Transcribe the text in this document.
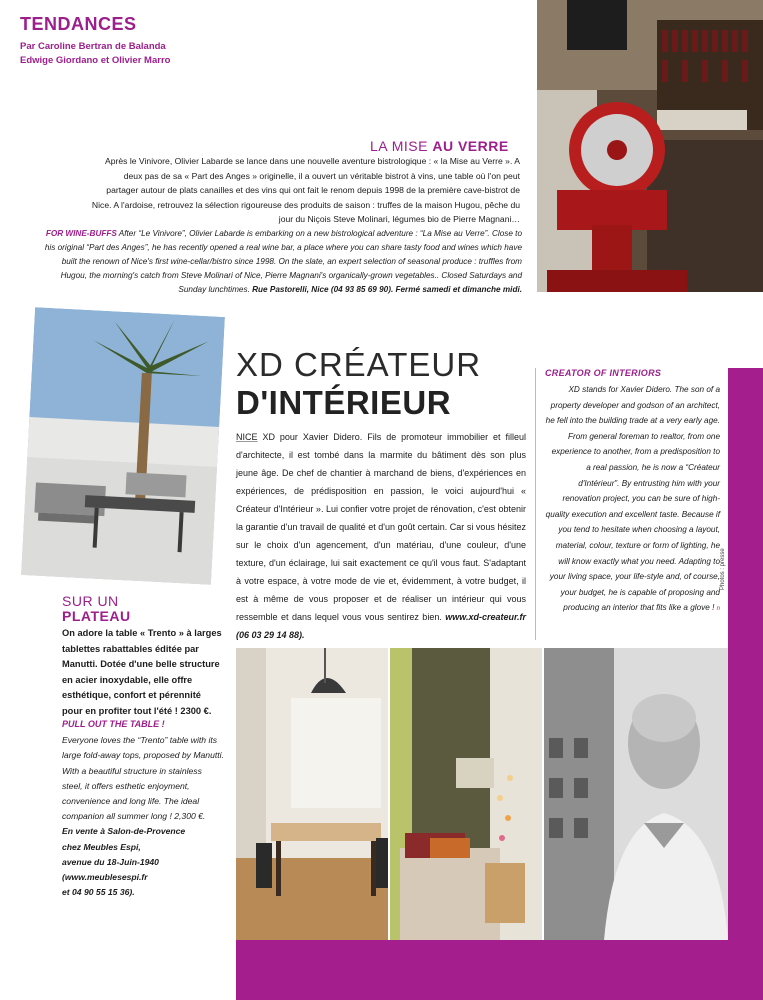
TENDANCES
Par Caroline Bertran de Balanda
Edwige Giordano et Olivier Marro
LA MISE AU VERRE
Après le Vinivore, Olivier Labarde se lance dans une nouvelle aventure bistrologique : « la Mise au Verre ». A deux pas de sa « Part des Anges » originelle, il a ouvert un véritable bistrot à vins, une table où l'on peut partager autour de plats canailles et des vins qui ont fait le renom depuis 1998 de la première cave-bistrot de Nice. A l'ardoise, retrouvez la sélection rigoureuse des produits de saison : truffes de la maison Hugou, pêche du jour du Niçois Steve Molinari, légumes bio de Pierre Magnani…
FOR WINE-BUFFS After “Le Vinivore”, Olivier Labarde is embarking on a new bistrological adventure : “La Mise au Verre”. Close to his original “Part des Anges”, he has recently opened a real wine bar, a place where you can share tasty food and wines which have built the renown of Nice's first wine-cellar/bistro since 1998. On the slate, an expert selection of seasonal produce : truffles from Hugou, the morning's catch from Steve Molinari of Nice, Pierre Magnani's organically-grown vegetables.. Closed Saturdays and Sunday lunchtimes. Rue Pastorelli, Nice (04 93 85 69 90). Fermé samedi et dimanche midi.
XD CRÉATEUR
D'INTÉRIEUR
NICE XD pour Xavier Didero. Fils de promoteur immobilier et filleul d'architecte, il est tombé dans la marmite du bâtiment dès son plus jeune âge. De chef de chantier à marchand de biens, d'expériences en expériences, de prédisposition en passion, le voici aujourd'hui « Créateur d'Intérieur ». Lui confier votre projet de rénovation, c'est obtenir la garantie d'un travail de qualité et d'un goût certain. Car si vous hésitez sur le choix d'un agencement, d'un matériau, d'une couleur, d'une texture, d'un éclairage, lui sait exactement ce qu'il vous faut. S'adaptant à votre espace, à votre mode de vie et, évidemment, à votre budget, il est à même de vous proposer et de réaliser un intérieur qui vous ressemble et dans lequel vous vous sentirez bien. www.xd-createur.fr (06 03 29 14 88).
CREATOR OF INTERIORS
XD stands for Xavier Didero. The son of a property developer and godson of an architect, he fell into the building trade at a very early age. From general foreman to realtor, from one experience to another, from a predisposition to a real passion, he is now a “Créateur d'Intérieur”. By entrusting him with your renovation project, you can be sure of high-quality execution and excellent taste. Because if you tend to hesitate when choosing a layout, material, colour, texture or form of lighting, he will know exactly what you need. Adapting to your living space, your life-style and, of course, your budget, he is capable of proposing and producing an interior that fits like a glove ! n
Photos : presse
SUR UN
PLATEAU
On adore la table « Trento » à larges tablettes rabattables éditée par Manutti. Dotée d'une belle structure en acier inoxydable, elle offre esthétique, confort et pérennité pour en profiter tout l'été ! 2300 €.
PULL OUT THE TABLE !
Everyone loves the “Trento” table with its large fold-away tops, proposed by Manutti. With a beautiful structure in stainless steel, it offers esthetic enjoyment, convenience and long life. The ideal companion all summer long ! 2,300 €.
En vente à Salon-de-Provence
chez Meubles Espi,
avenue du 18-Juin-1940
(www.meublesespi.fr
et 04 90 55 15 36).
